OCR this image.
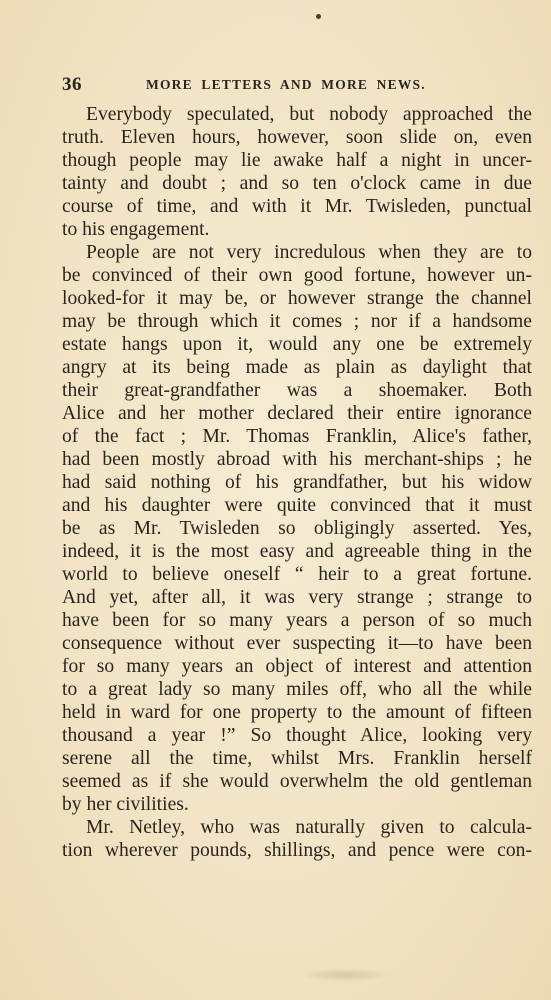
36	MORE LETTERS AND MORE NEWS.
Everybody speculated, but nobody approached the
truth. Eleven hours, however, soon slide on, even
though people may lie awake half a night in uncer-
tainty and doubt ; and so ten o'clock came in due
course of time, and with it Mr. Twisleden, punctual
to his engagement.
People are not very incredulous when they are to
be convinced of their own good fortune, however un-
looked-for it may be, or however strange the channel
may be through which it comes ; nor if a handsome
estate hangs upon it, would any one be extremely
angry at its being made as plain as daylight that
their great-grandfather was a shoemaker. Both
Alice and her mother declared their entire ignorance
of the fact ; Mr. Thomas Franklin, Alice's father,
had been mostly abroad with his merchant-ships ; he
had said nothing of his grandfather, but his widow
and his daughter were quite convinced that it must
be as Mr. Twisleden so obligingly asserted. Yes,
indeed, it is the most easy and agreeable thing in the
world to believe oneself “ heir to a great fortune.
And yet, after all, it was very strange ; strange to
have been for so many years a person of so much
consequence without ever suspecting it—to have been
for so many years an object of interest and attention
to a great lady so many miles off, who all the while
held in ward for one property to the amount of fifteen
thousand a year !” So thought Alice, looking very
serene all the time, whilst Mrs. Franklin herself
seemed as if she would overwhelm the old gentleman
by her civilities.
Mr. Netley, who was naturally given to calcula-
tion wherever pounds, shillings, and pence were con-
